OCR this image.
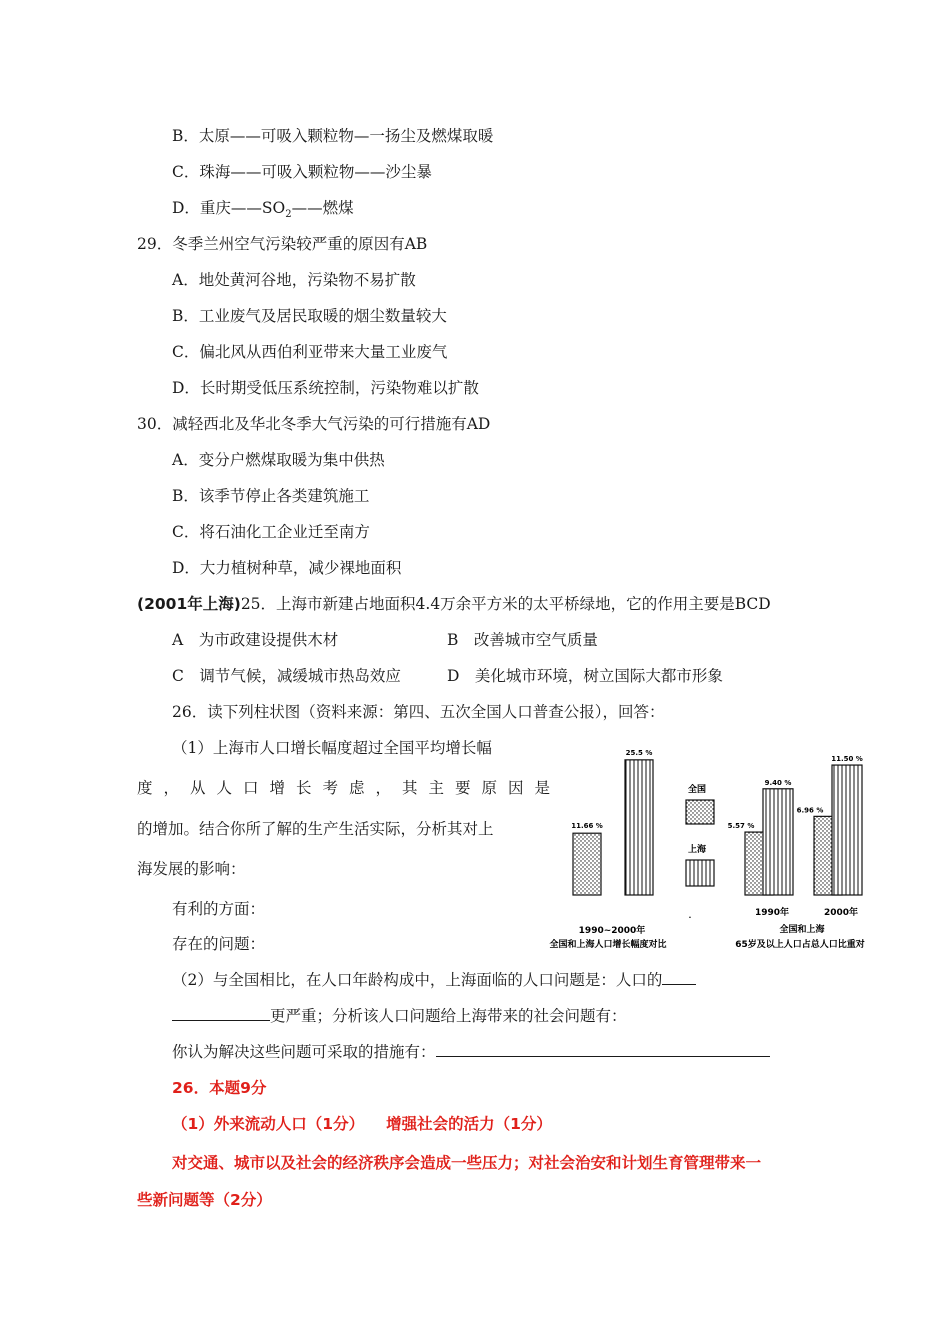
B．太原——可吸入颗粒物—一扬尘及燃煤取暖
C．珠海——可吸入颗粒物——沙尘暴
D．重庆$——SO_2——$燃煤
29．冬季兰州空气污染较严重的原因有AB
A．地处黄河谷地，污染物不易扩散
B．工业废气及居民取暖的烟尘数量较大
C．偏北风从西伯利亚带来大量工业废气
D．长时期受低压系统控制，污染物难以扩散
30．减轻西北及华北冬季大气污染的可行措施有AD
A．变分户燃煤取暖为集中供热
B．该季节停止各类建筑施工
C．将石油化工企业迁至南方
D．大力植树种草，减少裸地面积
(2001年上海)25．上海市新建占地面积4.4万余平方米的太平桥绿地，它的作用主要是BCD
A　为市政建设提供木材	B　改善城市空气质量
C　调节气候，减缓城市热岛效应	D　美化城市环境，树立国际大都市形象
26．读下列柱状图（资料来源：第四、五次全国人口普查公报），回答：
（1）上海市人口增长幅度超过全国平均增长幅
度，从人口增长考虑，其主要原因是
的增加。结合你所了解的生产生活实际，分析其对上
海发展的影响：
有利的方面：
存在的问题：
（2）与全国相比，在人口年龄构成中，上海面临的人口问题是：人口的
更严重；分析该人口问题给上海带来的社会问题有：
你认为解决这些问题可采取的措施有：
26．本题9分
（1）外来流动人口（1分） 增强社会的活力（1分）
对交通、城市以及社会的经济秩序会造成一些压力；对社会治安和计划生育管理带来一
些新问题等（2分）
11.66 %
25.5 %
1990~2000年
全国和上海人口增长幅度对比
·
全国
上海
5.57 %
9.40 %
1990年
6.96 %
11.50 %
2000年
全国和上海
65岁及以上人口占总人口比重对
